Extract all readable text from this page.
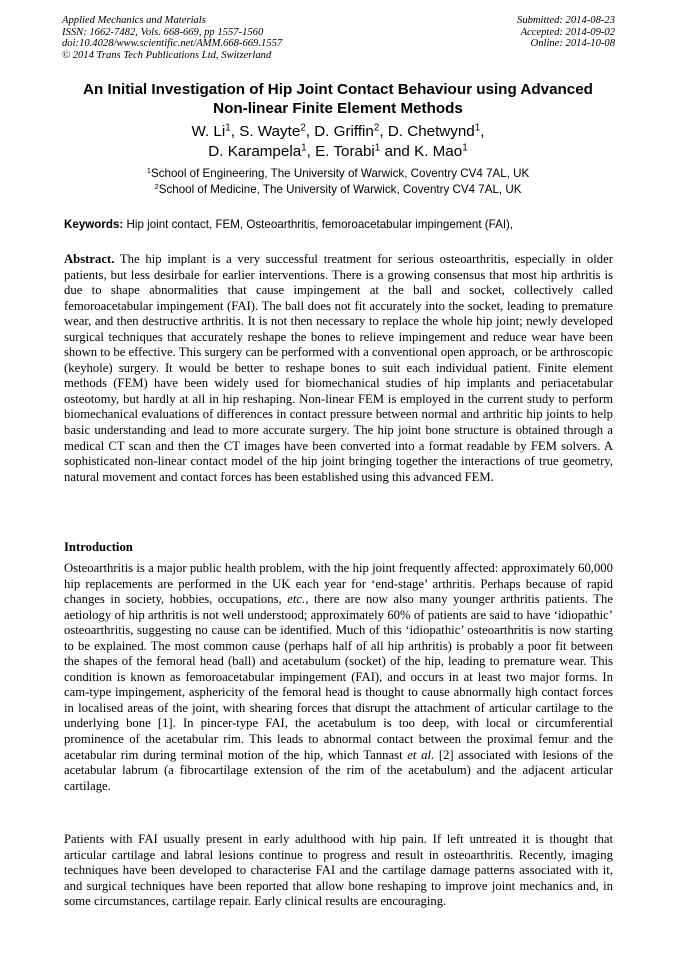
Applied Mechanics and Materials
ISSN: 1662-7482, Vols. 668-669, pp 1557-1560
doi:10.4028/www.scientific.net/AMM.668-669.1557
© 2014 Trans Tech Publications Ltd, Switzerland
Submitted: 2014-08-23
Accepted: 2014-09-02
Online: 2014-10-08
An Initial Investigation of Hip Joint Contact Behaviour using Advanced
Non-linear Finite Element Methods
W. Li$^1$, S. Wayte$^2$, D. Griffin$^2$, D. Chetwynd$^1$,
D. Karampela$^1$, E. Torabi$^1$ and K. Mao$^1$
$^1$School of Engineering, The University of Warwick, Coventry CV4 7AL, UK
$^2$School of Medicine, The University of Warwick, Coventry CV4 7AL, UK
Keywords: Hip joint contact, FEM, Osteoarthritis, femoroacetabular impingement (FAI),

Abstract. The hip implant is a very successful treatment for serious osteoarthritis, especially in older patients, but less desirbale for earlier interventions. There is a growing consensus that most hip arthritis is due to shape abnormalities that cause impingement at the ball and socket, collectively called femoroacetabular impingement (FAI). The ball does not fit accurately into the socket, leading to premature wear, and then destructive arthritis. It is not then necessary to replace the whole hip joint; newly developed surgical techniques that accurately reshape the bones to relieve impingement and reduce wear have been shown to be effective. This surgery can be performed with a conventional open approach, or be arthroscopic (keyhole) surgery. It would be better to reshape bones to suit each individual patient. Finite element methods (FEM) have been widely used for biomechanical studies of hip implants and periacetabular osteotomy, but hardly at all in hip reshaping. Non-linear FEM is employed in the current study to perform biomechanical evaluations of differences in contact pressure between normal and arthritic hip joints to help basic understanding and lead to more accurate surgery. The hip joint bone structure is obtained through a medical CT scan and then the CT images have been converted into a format readable by FEM solvers. A sophisticated non-linear contact model of the hip joint bringing together the interactions of true geometry, natural movement and contact forces has been established using this advanced FEM.

Introduction

Osteoarthritis is a major public health problem, with the hip joint frequently affected: approximately 60,000 hip replacements are performed in the UK each year for ‘end-stage’ arthritis. Perhaps because of rapid changes in society, hobbies, occupations, etc., there are now also many younger arthritis patients. The aetiology of hip arthritis is not well understood; approximately 60% of patients are said to have ‘idiopathic’ osteoarthritis, suggesting no cause can be identified. Much of this ‘idiopathic’ osteoarthritis is now starting to be explained. The most common cause (perhaps half of all hip arthritis) is probably a poor fit between the shapes of the femoral head (ball) and acetabulum (socket) of the hip, leading to premature wear. This condition is known as femoroacetabular impingement (FAI), and occurs in at least two major forms. In cam-type impingement, asphericity of the femoral head is thought to cause abnormally high contact forces in localised areas of the joint, with shearing forces that disrupt the attachment of articular cartilage to the underlying bone [1]. In pincer-type FAI, the acetabulum is too deep, with local or circumferential prominence of the acetabular rim. This leads to abnormal contact between the proximal femur and the acetabular rim during terminal motion of the hip, which Tannast et al. [2] associated with lesions of the acetabular labrum (a fibrocartilage extension of the rim of the acetabulum) and the adjacent articular cartilage.

Patients with FAI usually present in early adulthood with hip pain. If left untreated it is thought that articular cartilage and labral lesions continue to progress and result in osteoarthritis. Recently, imaging techniques have been developed to characterise FAI and the cartilage damage patterns associated with it, and surgical techniques have been reported that allow bone reshaping to improve joint mechanics and, in some circumstances, cartilage repair. Early clinical results are encouraging.
